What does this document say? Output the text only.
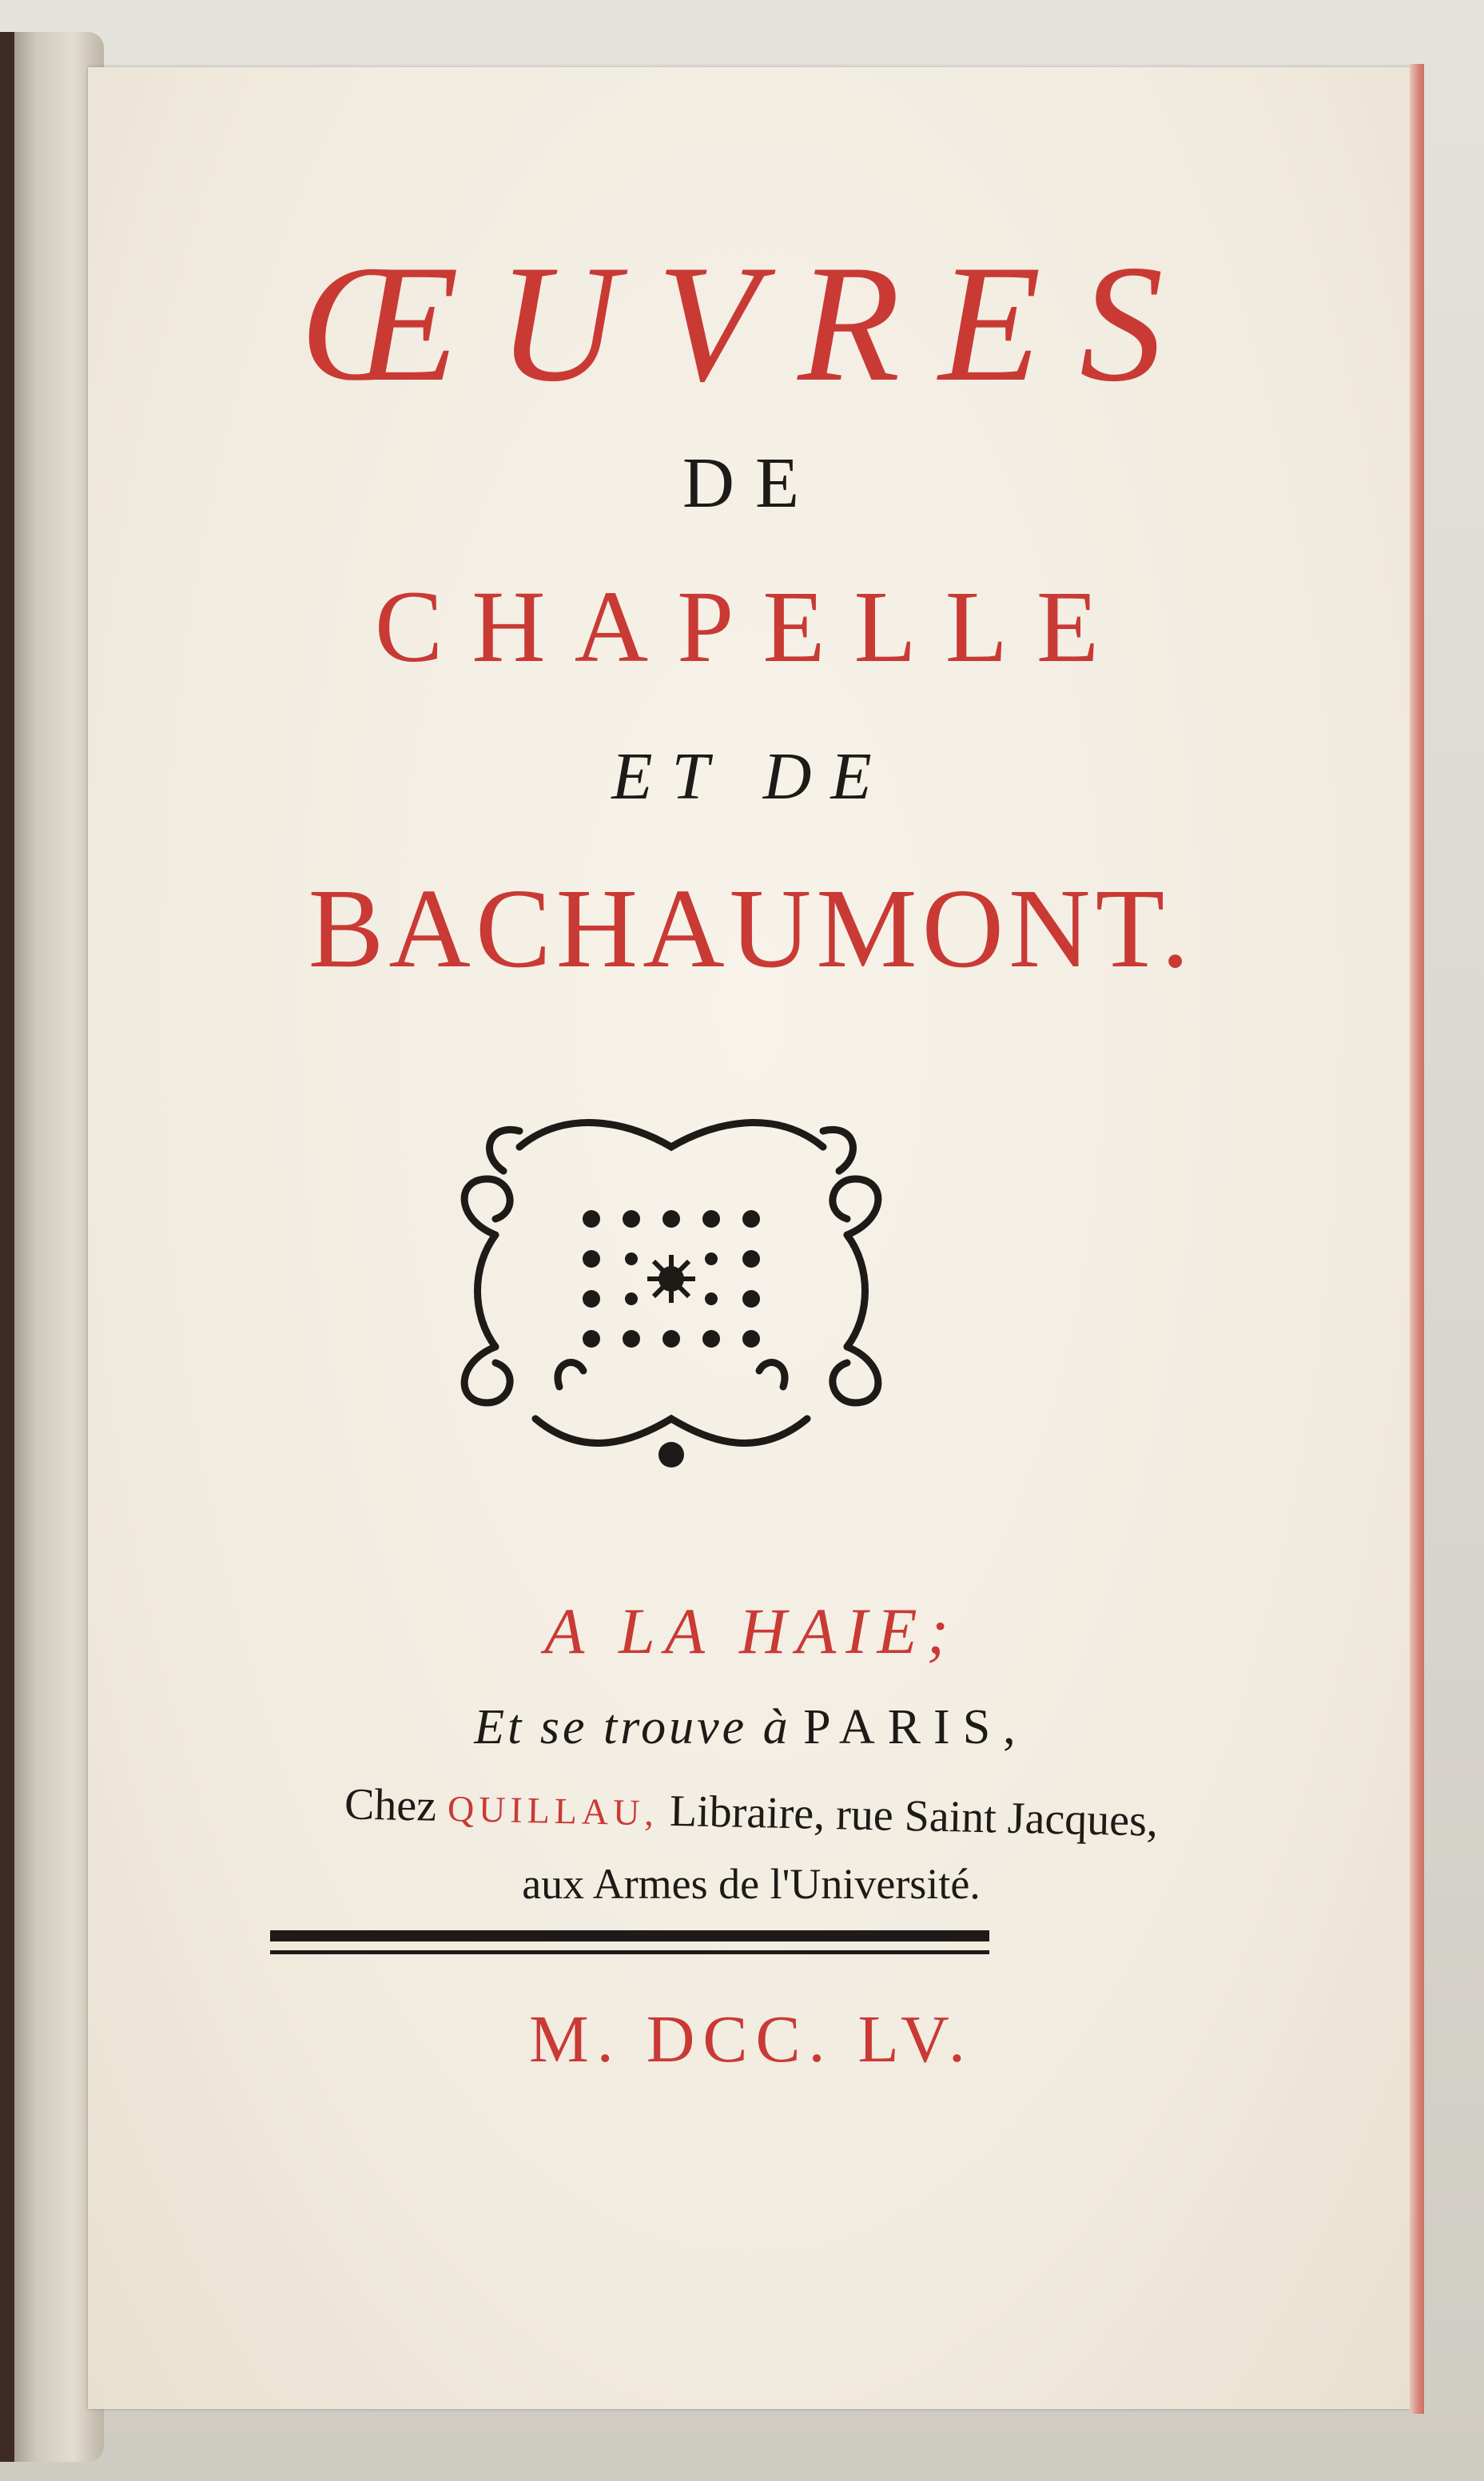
ŒUVRES
DE
CHAPELLE
ET DE
BACHAUMONT.
A LA HAIE;
Et se trouve à PARIS,
Chez QUILLAU, Libraire, rue Saint Jacques,
aux Armes de l'Université.
M. DCC. LV.
